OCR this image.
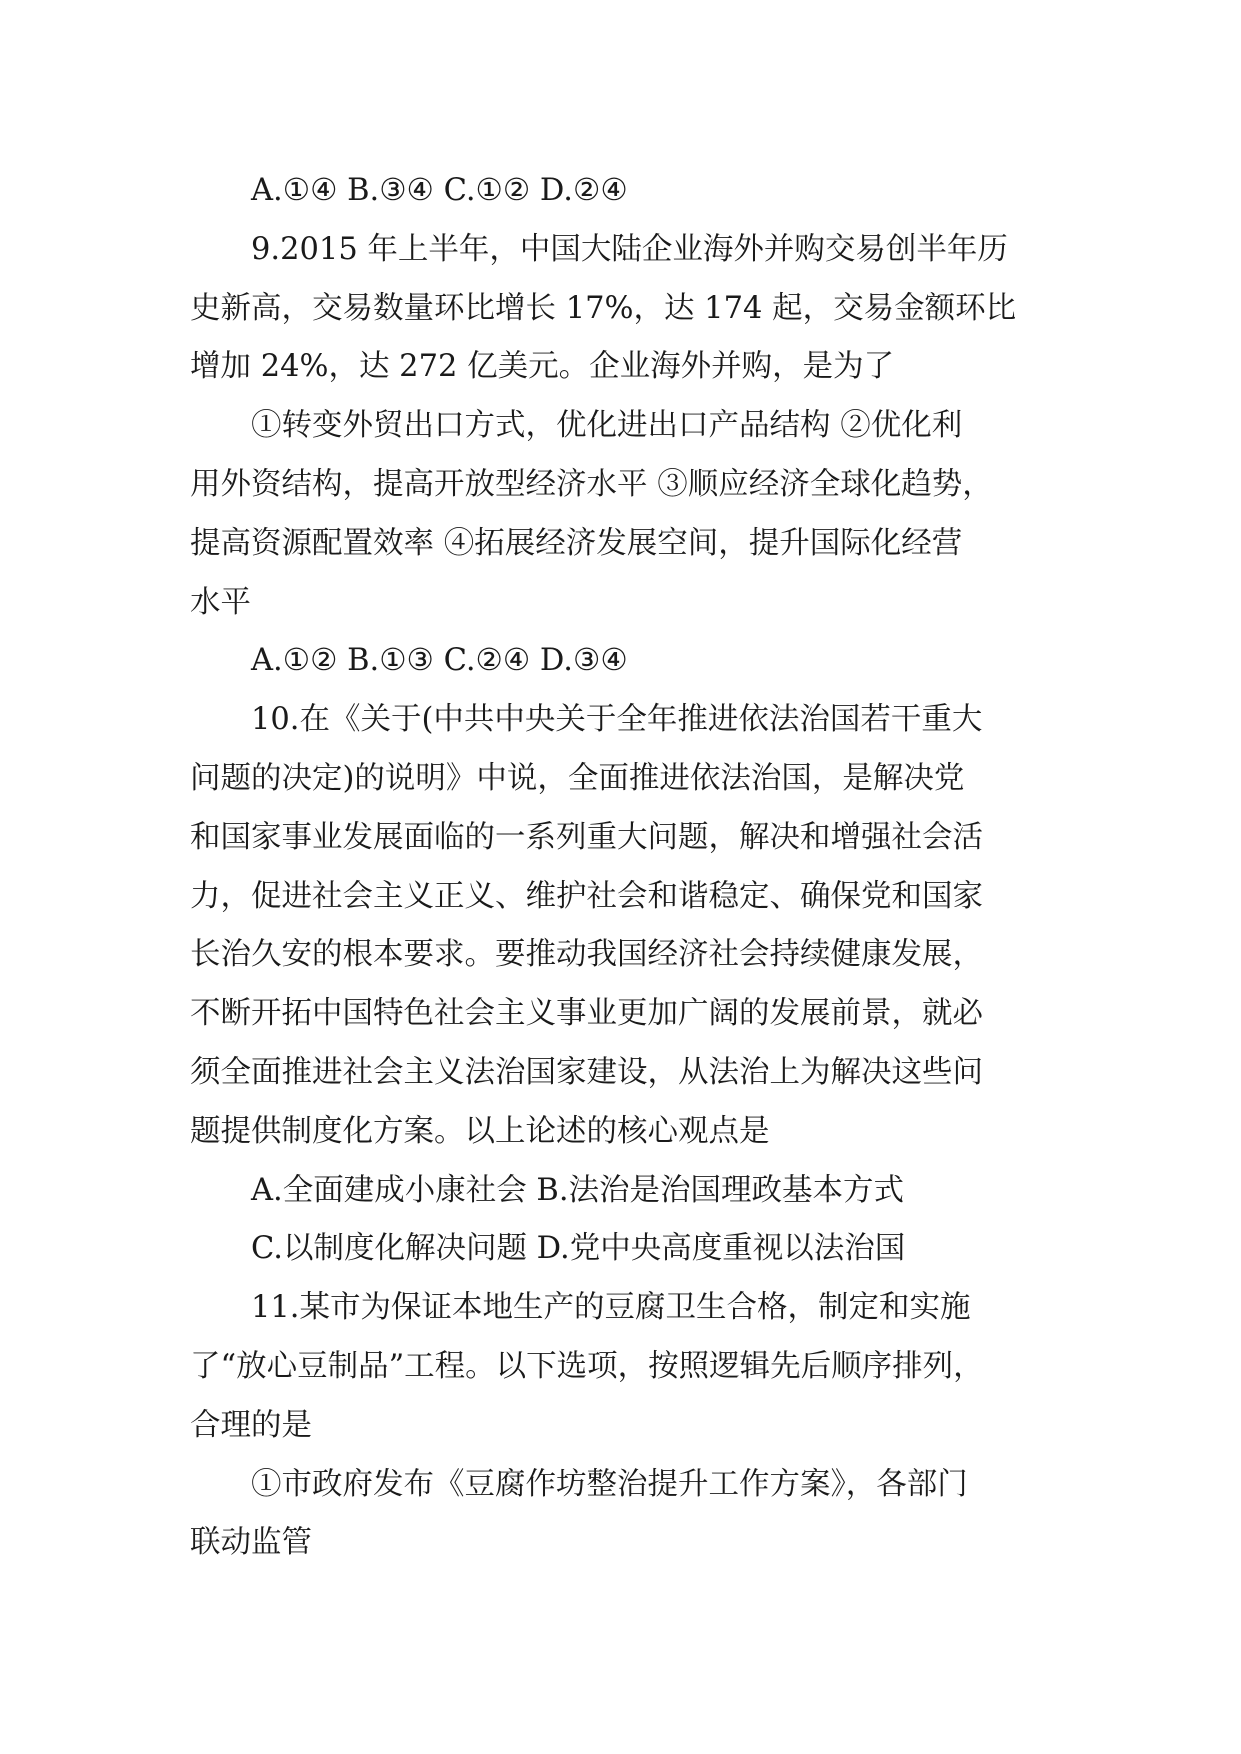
A.①④ B.③④ C.①② D.②④
9.2015 年上半年，中国大陆企业海外并购交易创半年历
史新高，交易数量环比增长 17%，达 174 起，交易金额环比
增加 24%，达 272 亿美元。企业海外并购，是为了
①转变外贸出口方式，优化进出口产品结构 ②优化利
用外资结构，提高开放型经济水平 ③顺应经济全球化趋势，
提高资源配置效率 ④拓展经济发展空间，提升国际化经营
水平
A.①② B.①③ C.②④ D.③④
10.在《关于(中共中央关于全年推进依法治国若干重大
问题的决定)的说明》中说，全面推进依法治国，是解决党
和国家事业发展面临的一系列重大问题，解决和增强社会活
力，促进社会主义正义、维护社会和谐稳定、确保党和国家
长治久安的根本要求。要推动我国经济社会持续健康发展，
不断开拓中国特色社会主义事业更加广阔的发展前景，就必
须全面推进社会主义法治国家建设，从法治上为解决这些问
题提供制度化方案。以上论述的核心观点是
A.全面建成小康社会 B.法治是治国理政基本方式
C.以制度化解决问题 D.党中央高度重视以法治国
11.某市为保证本地生产的豆腐卫生合格，制定和实施
了“放心豆制品”工程。以下选项，按照逻辑先后顺序排列，
合理的是
①市政府发布《豆腐作坊整治提升工作方案》，各部门
联动监管
